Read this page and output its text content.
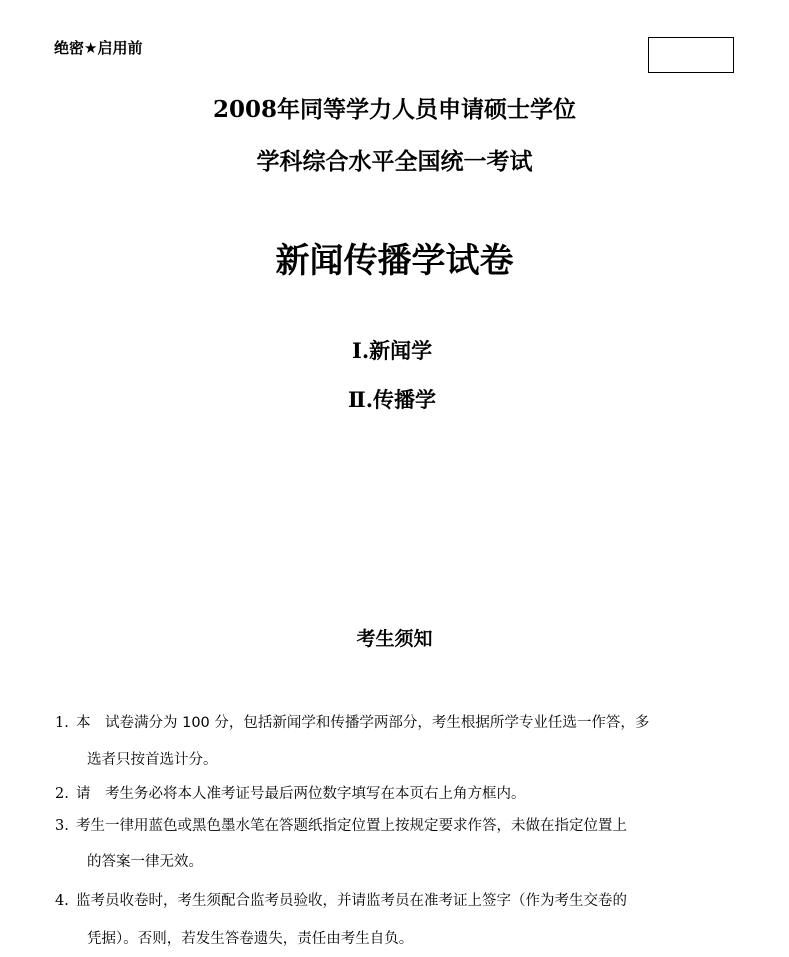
绝密★启用前
2008年同等学力人员申请硕士学位
学科综合水平全国统一考试
新闻传播学试卷
Ⅰ.新闻学
Ⅱ.传播学
考生须知
1. 本　试卷满分为 100 分，包括新闻学和传播学两部分，考生根据所学专业任选一作答，多
选者只按首选计分。
2. 请　考生务必将本人准考证号最后两位数字填写在本页右上角方框内。
3. 考生一律用蓝色或黑色墨水笔在答题纸指定位置上按规定要求作答，未做在指定位置上
的答案一律无效。
4. 监考员收卷时，考生须配合监考员验收，并请监考员在准考证上签字（作为考生交卷的
凭据）。否则，若发生答卷遗失，责任由考生自负。
